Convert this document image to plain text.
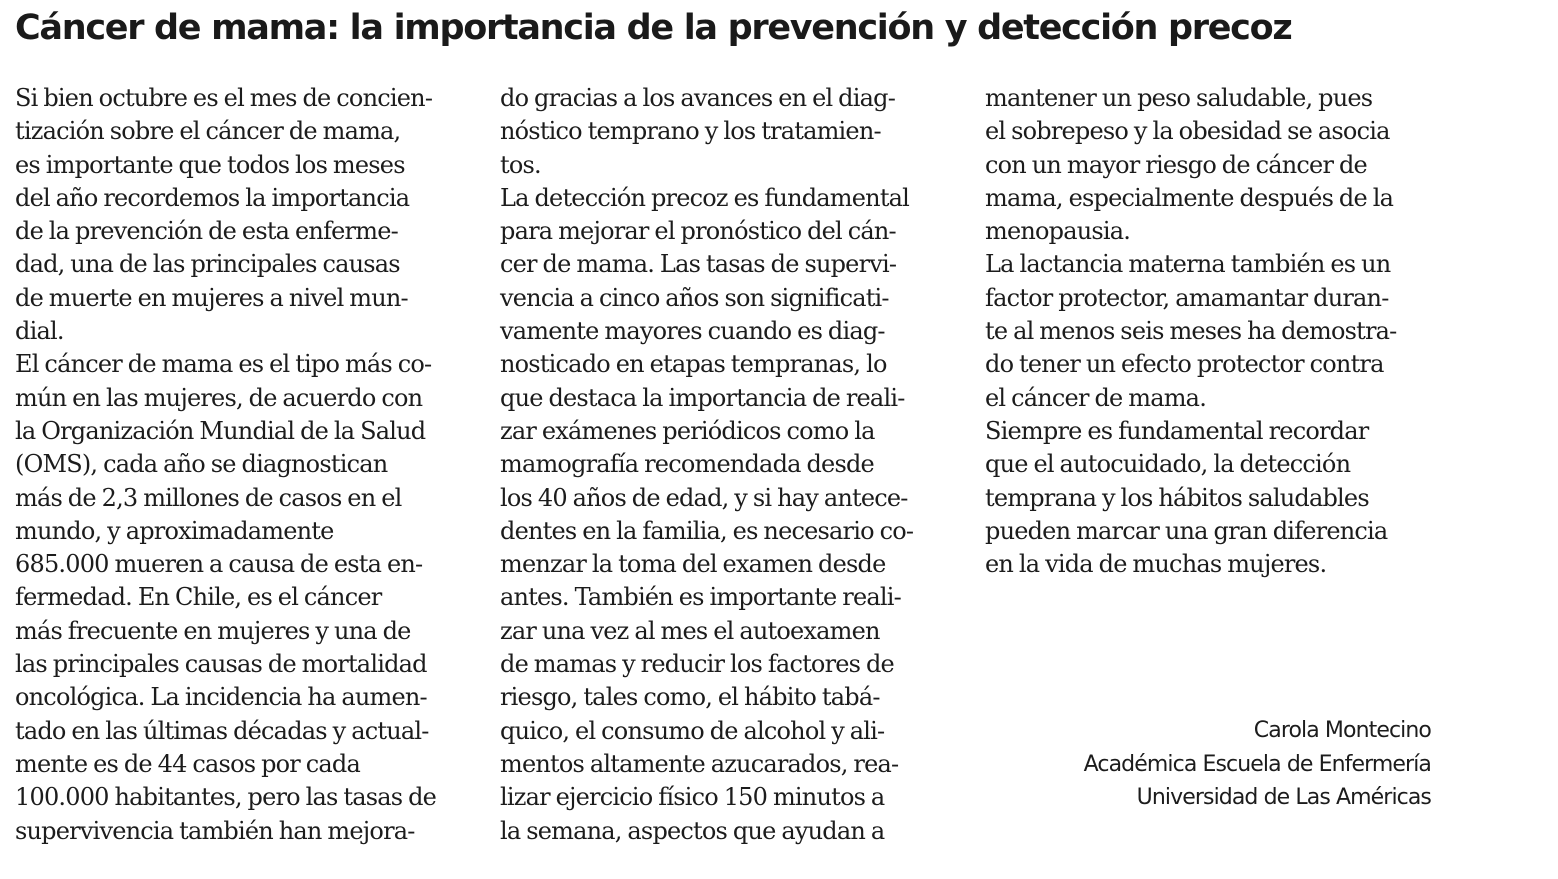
Cáncer de mama: la importancia de la prevención y detección precoz
Si bien octubre es el mes de concien-
tización sobre el cáncer de mama,
es importante que todos los meses
del año recordemos la importancia
de la prevención de esta enferme-
dad, una de las principales causas
de muerte en mujeres a nivel mun-
dial.
El cáncer de mama es el tipo más co-
mún en las mujeres, de acuerdo con
la Organización Mundial de la Salud
(OMS), cada año se diagnostican
más de 2,3 millones de casos en el
mundo, y aproximadamente
685.000 mueren a causa de esta en-
fermedad. En Chile, es el cáncer
más frecuente en mujeres y una de
las principales causas de mortalidad
oncológica. La incidencia ha aumen-
tado en las últimas décadas y actual-
mente es de 44 casos por cada
100.000 habitantes, pero las tasas de
supervivencia también han mejora-
do gracias a los avances en el diag-
nóstico temprano y los tratamien-
tos.
La detección precoz es fundamental
para mejorar el pronóstico del cán-
cer de mama. Las tasas de supervi-
vencia a cinco años son significati-
vamente mayores cuando es diag-
nosticado en etapas tempranas, lo
que destaca la importancia de reali-
zar exámenes periódicos como la
mamografía recomendada desde
los 40 años de edad, y si hay antece-
dentes en la familia, es necesario co-
menzar la toma del examen desde
antes. También es importante reali-
zar una vez al mes el autoexamen
de mamas y reducir los factores de
riesgo, tales como, el hábito tabá-
quico, el consumo de alcohol y ali-
mentos altamente azucarados, rea-
lizar ejercicio físico 150 minutos a
la semana, aspectos que ayudan a
mantener un peso saludable, pues
el sobrepeso y la obesidad se asocia
con un mayor riesgo de cáncer de
mama, especialmente después de la
menopausia.
La lactancia materna también es un
factor protector, amamantar duran-
te al menos seis meses ha demostra-
do tener un efecto protector contra
el cáncer de mama.
Siempre es fundamental recordar
que el autocuidado, la detección
temprana y los hábitos saludables
pueden marcar una gran diferencia
en la vida de muchas mujeres.
Carola Montecino
Académica Escuela de Enfermería
Universidad de Las Américas
